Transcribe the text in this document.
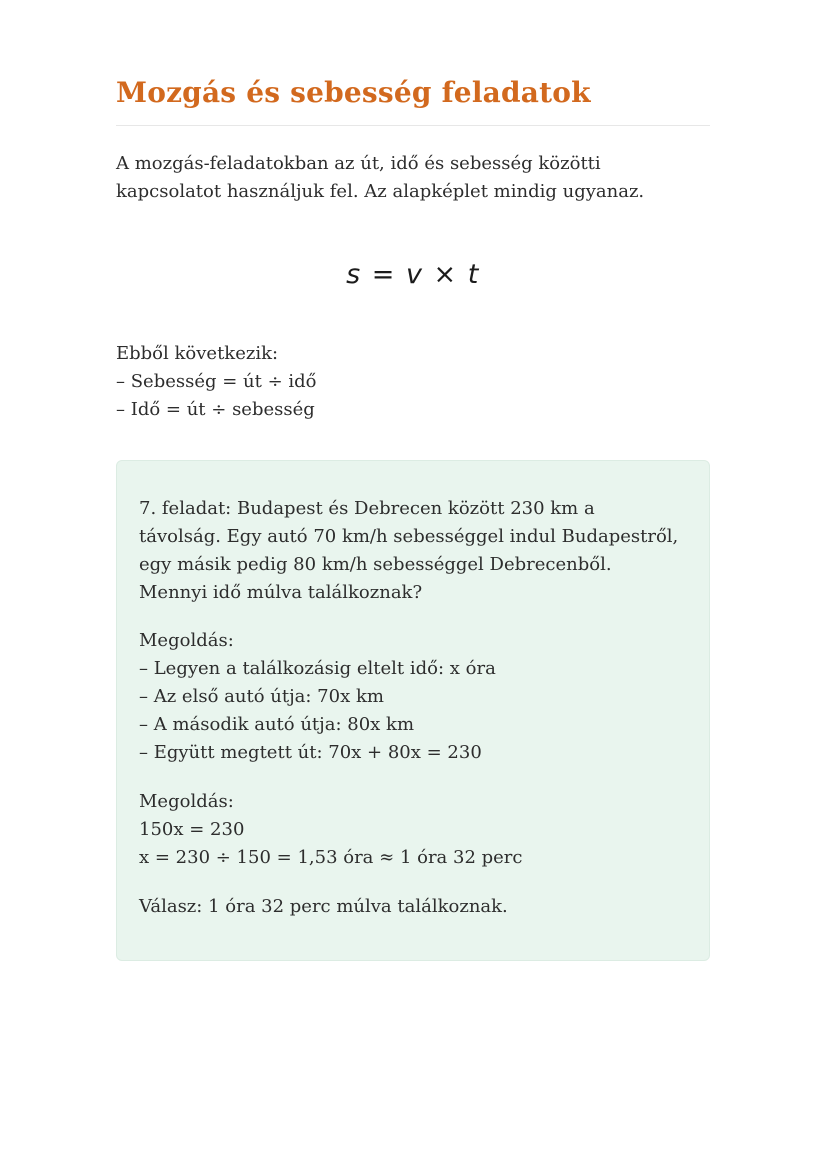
Mozgás és sebesség feladatok

A mozgás-feladatokban az út, idő és sebesség közötti kapcsolatot használjuk fel. Az alapképlet mindig ugyanaz.

s = v × t

Ebből következik:

– Sebesség = út ÷ idő

– Idő = út ÷ sebesség

7. feladat: Budapest és Debrecen között 230 km a távolság. Egy autó 70 km/h sebességgel indul Budapestről, egy másik pedig 80 km/h sebességgel Debrecenből. Mennyi idő múlva találkoznak?

Megoldás:

– Legyen a találkozásig eltelt idő: x óra

– Az első autó útja: 70x km

– A második autó útja: 80x km

– Együtt megtett út: 70x + 80x = 230

Megoldás:

150x = 230

x = 230 ÷ 150 = 1,53 óra ≈ 1 óra 32 perc

Válasz: 1 óra 32 perc múlva találkoznak.
